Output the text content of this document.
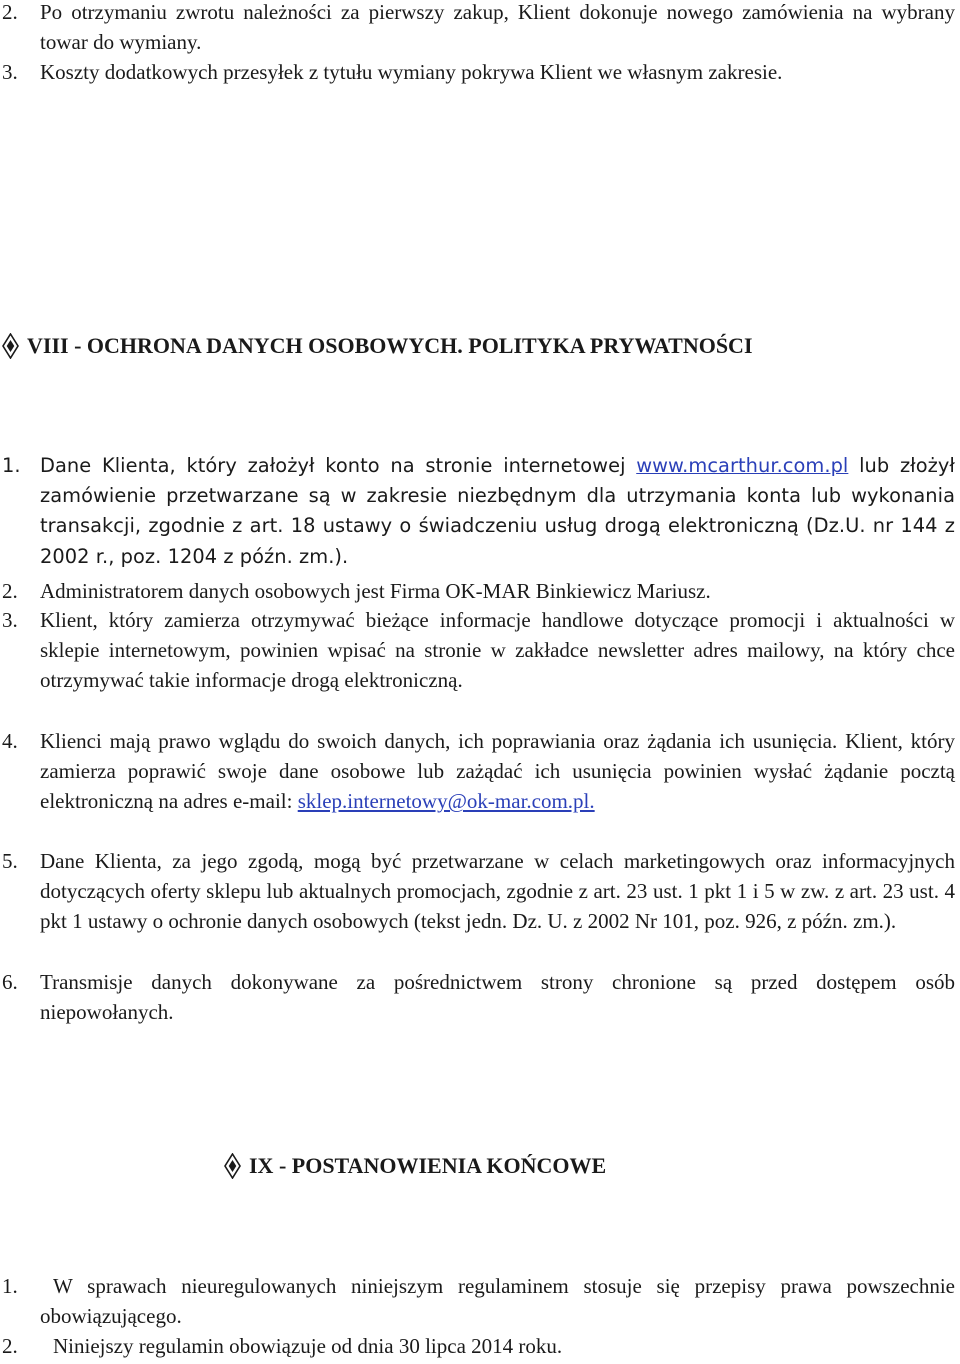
2. Po otrzymaniu zwrotu należności za pierwszy zakup, Klient dokonuje nowego zamówienia na wybrany towar do wymiany.
3. Koszty dodatkowych przesyłek z tytułu wymiany pokrywa Klient we własnym zakresie.
VIII - OCHRONA DANYCH OSOBOWYCH. POLITYKA PRYWATNOŚCI
1. Dane Klienta, który założył konto na stronie internetowej www.mcarthur.com.pl lub złożył zamówienie przetwarzane są w zakresie niezbędnym dla utrzymania konta lub wykonania transakcji, zgodnie z art. 18 ustawy o świadczeniu usług drogą elektroniczną (Dz.U. nr 144 z 2002 r., poz. 1204 z późn. zm.).
2. Administratorem danych osobowych jest Firma OK-MAR Binkiewicz Mariusz.
3. Klient, który zamierza otrzymywać bieżące informacje handlowe dotyczące promocji i aktualności w sklepie internetowym, powinien wpisać na stronie w zakładce newsletter adres mailowy, na który chce otrzymywać takie informacje drogą elektroniczną.
4. Klienci mają prawo wglądu do swoich danych, ich poprawiania oraz żądania ich usunięcia. Klient, który zamierza poprawić swoje dane osobowe lub zażądać ich usunięcia powinien wysłać żądanie pocztą elektroniczną na adres e-mail: sklep.internetowy@ok-mar.com.pl.
5. Dane Klienta, za jego zgodą, mogą być przetwarzane w celach marketingowych oraz informacyjnych dotyczących oferty sklepu lub aktualnych promocjach, zgodnie z art. 23 ust. 1 pkt 1 i 5 w zw. z art. 23 ust. 4 pkt 1 ustawy o ochronie danych osobowych (tekst jedn. Dz. U. z 2002 Nr 101, poz. 926, z późn. zm.).
6. Transmisje danych dokonywane za pośrednictwem strony chronione są przed dostępem osób niepowołanych.
IX - POSTANOWIENIA KOŃCOWE
1.	W sprawach nieuregulowanych niniejszym regulaminem stosuje się przepisy prawa powszechnie obowiązującego.
2. Niniejszy regulamin obowiązuje od dnia 30 lipca 2014 roku.
